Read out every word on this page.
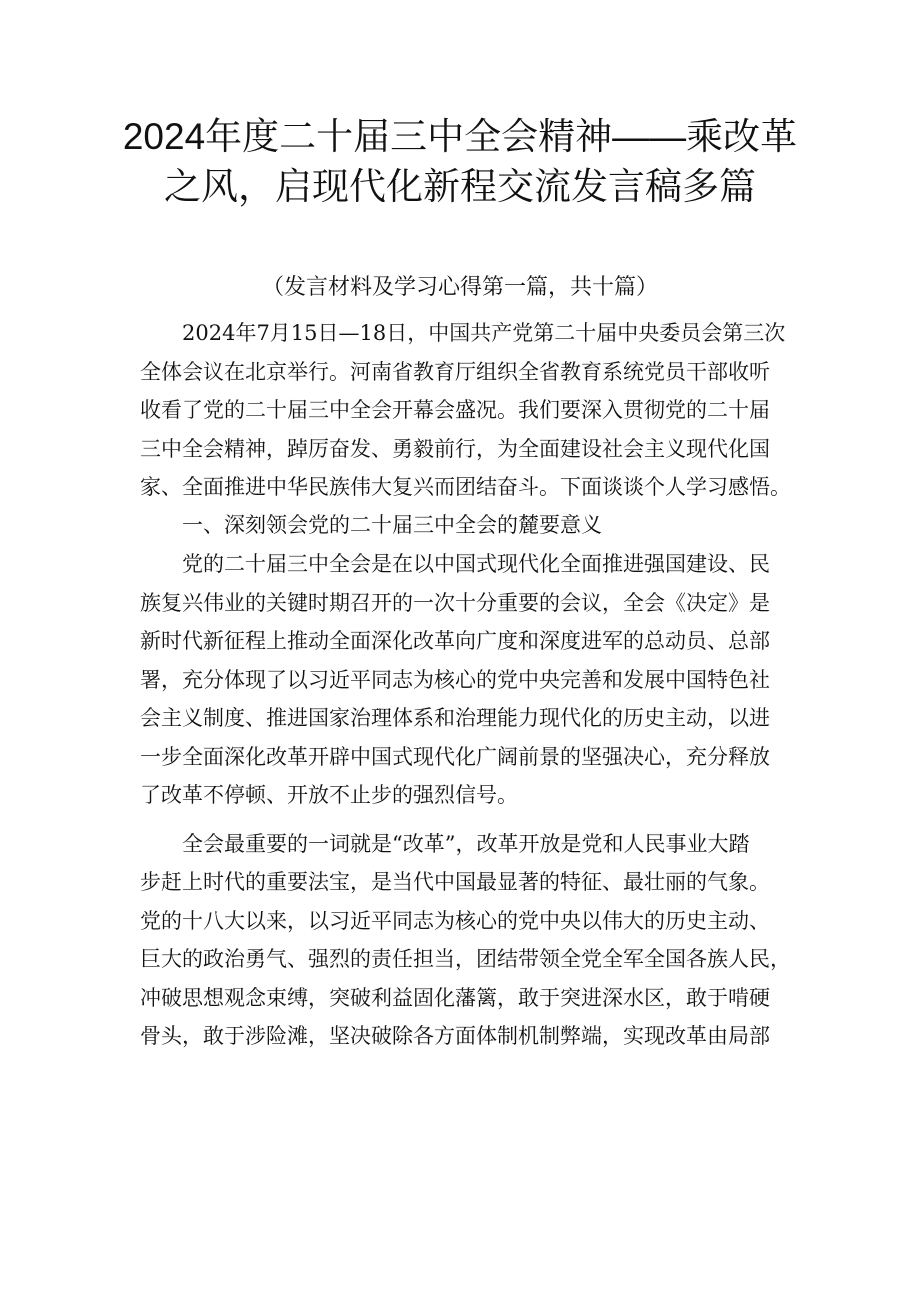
2024年度二十届三中全会精神——乘改革
之风，启现代化新程交流发言稿多篇
（发言材料及学习心得第一篇，共十篇）
2024年7月15日—18日，中国共产党第二十届中央委员会第三次
全体会议在北京举行。河南省教育厅组织全省教育系统党员干部收听
收看了党的二十届三中全会开幕会盛况。我们要深入贯彻党的二十届
三中全会精神，踔厉奋发、勇毅前行，为全面建设社会主义现代化国
家、全面推进中华民族伟大复兴而团结奋斗。下面谈谈个人学习感悟。
一、深刻领会党的二十届三中全会的麓要意义
党的二十届三中全会是在以中国式现代化全面推进强国建设、民
族复兴伟业的关键时期召开的一次十分重要的会议，全会《决定》是
新时代新征程上推动全面深化改革向广度和深度进军的总动员、总部
署，充分体现了以习近平同志为核心的党中央完善和发展中国特色社
会主义制度、推进国家治理体系和治理能力现代化的历史主动，以进
一步全面深化改革开辟中国式现代化广阔前景的坚强决心，充分释放
了改革不停顿、开放不止步的强烈信号。
全会最重要的一词就是“改革”，改革开放是党和人民事业大踏
步赶上时代的重要法宝，是当代中国最显著的特征、最壮丽的气象。
党的十八大以来，以习近平同志为核心的党中央以伟大的历史主动、
巨大的政治勇气、强烈的责任担当，团结带领全党全军全国各族人民，
冲破思想观念束缚，突破利益固化藩篱，敢于突进深水区，敢于啃硬
骨头，敢于涉险滩，坚决破除各方面体制机制弊端，实现改革由局部
